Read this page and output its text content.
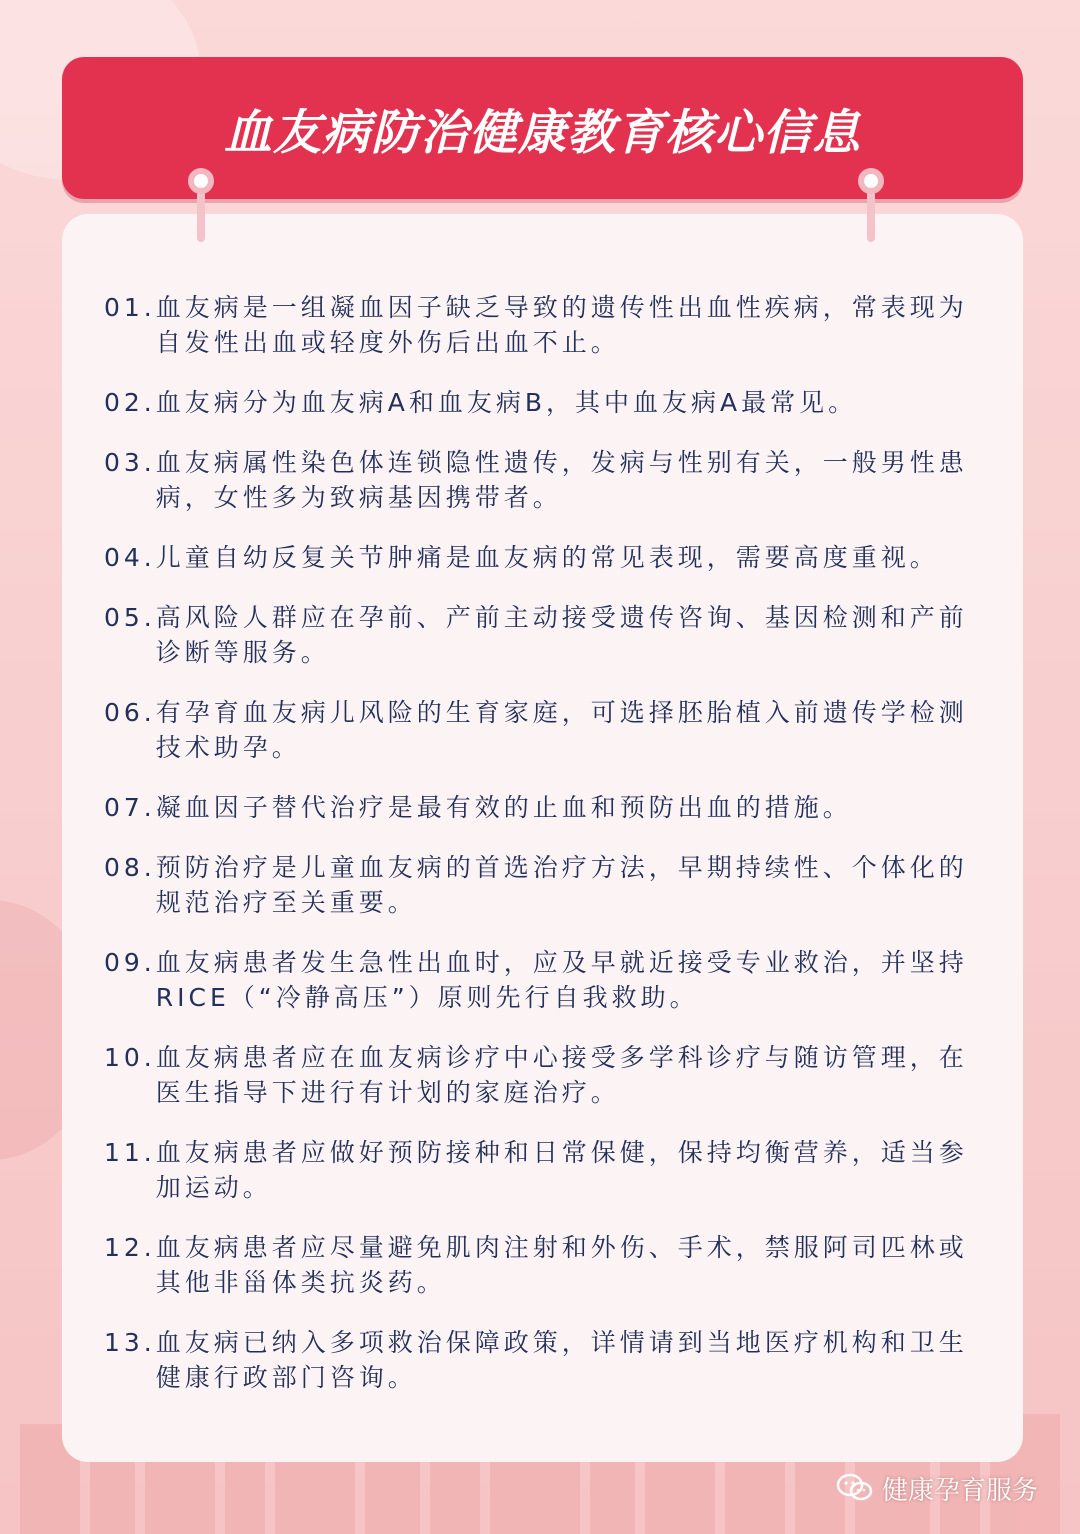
血友病防治健康教育核心信息
01. 血友病是一组凝血因子缺乏导致的遗传性出血性疾病，常表现为自发性出血或轻度外伤后出血不止。
02. 血友病分为血友病A和血友病B，其中血友病A最常见。
03. 血友病属性染色体连锁隐性遗传，发病与性别有关，一般男性患病，女性多为致病基因携带者。
04. 儿童自幼反复关节肿痛是血友病的常见表现，需要高度重视。
05. 高风险人群应在孕前、产前主动接受遗传咨询、基因检测和产前诊断等服务。
06. 有孕育血友病儿风险的生育家庭，可选择胚胎植入前遗传学检测技术助孕。
07. 凝血因子替代治疗是最有效的止血和预防出血的措施。
08. 预防治疗是儿童血友病的首选治疗方法，早期持续性、个体化的规范治疗至关重要。
09. 血友病患者发生急性出血时，应及早就近接受专业救治，并坚持RICE（“冷静高压”）原则先行自我救助。
10. 血友病患者应在血友病诊疗中心接受多学科诊疗与随访管理，在医生指导下进行有计划的家庭治疗。
11. 血友病患者应做好预防接种和日常保健，保持均衡营养，适当参加运动。
12. 血友病患者应尽量避免肌肉注射和外伤、手术，禁服阿司匹林或其他非甾体类抗炎药。
13. 血友病已纳入多项救治保障政策，详情请到当地医疗机构和卫生健康行政部门咨询。
健康孕育服务
